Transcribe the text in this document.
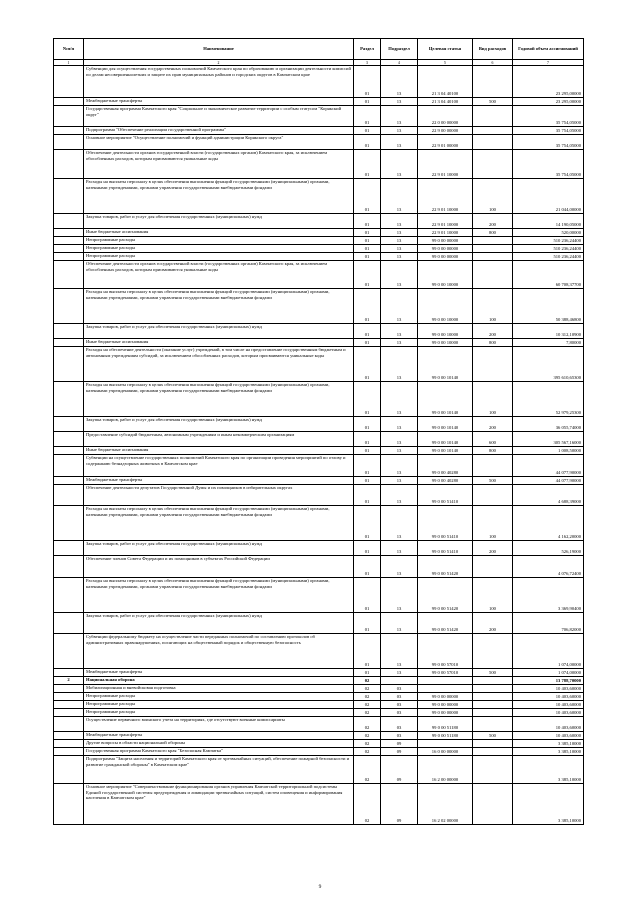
№п/п	Наименование	Раздел	Подраздел	Целевая статья	Вид расходов	Годовой объем ассигнований
1	2	3	4	5	6	7
	Субвенции для осуществления государственных полномочий Камчатского края по образованию и организации деятельности комиссий по делам несовершеннолетних и защите их прав муниципальных районов и городских округов в Камчатском крае	01	13	21 3 04 40100		23 295,00000
	Межбюджетные трансферты	01	13	21 3 04 40100	500	23 295,00000
	Государственная программа Камчатского края "Социальное и экономическое развитие территории с особым статусом "Корякский округ"	01	13	22 0 00 00000		35 754,05000
	Подпрограмма "Обеспечение реализации государственной программы"	01	13	22 9 00 00000		35 754,05000
	Основное мероприятие "Осуществление полномочий и функций администрации Корякского округа"	01	13	22 9 01 00000		35 754,05000
	Обеспечение деятельности органов государственной власти (государственных органов) Камчатского края, за исключением обособленных расходов, которым присваиваются уникальные коды	01	13	22 9 01 10000		35 754,05000
	Расходы на выплаты персоналу в целях обеспечения выполнения функций государственными (муниципальными) органами, казенными учреждениями, органами управления государственными внебюджетными фондами	01	13	22 9 01 10000	100	21 044,00000
	Закупка товаров, работ и услуг для обеспечения государственных (муниципальных) нужд	01	13	22 9 01 10000	200	14 190,05000
	Иные бюджетные ассигнования	01	13	22 9 01 10000	800	520,00000
	Непрограммные расходы	01	13	99 0 00 00000		510 236,24400
	Непрограммные расходы	01	13	99 0 00 00000		510 236,24400
	Непрограммные расходы	01	13	99 0 00 00000		510 236,24400
	Обеспечение деятельности органов государственной власти (государственных органов) Камчатского края, за исключением обособленных расходов, которым присваиваются уникальные коды	01	13	99 0 00 10000		60 708,37700
	Расходы на выплаты персоналу в целях обеспечения выполнения функций государственными (муниципальными) органами, казенными учреждениями, органами управления государственными внебюджетными фондами	01	13	99 0 00 10000	100	50 388,46800
	Закупка товаров, работ и услуг для обеспечения государственных (муниципальных) нужд	01	13	99 0 00 10000	200	10 312,10900
	Иные бюджетные ассигнования	01	13	99 0 00 10000	800	7,80000
	Расходы на обеспечение деятельности (оказание услуг) учреждений, в том числе на предоставление государственным бюджетным и автономным учреждениям субсидий, за исключением обособленных расходов, которым присваиваются уникальные коды	01	13	99 0 00 10140		395 610,65300
	Расходы на выплаты персоналу в целях обеспечения выполнения функций государственными (муниципальными) органами, казенными учреждениями, органами управления государственными внебюджетными фондами	01	13	99 0 00 10140	100	52 979,25300
	Закупка товаров, работ и услуг для обеспечения государственных (муниципальных) нужд	01	13	99 0 00 10140	200	36 055,74000
	Предоставление субсидий бюджетным, автономным учреждениям и иным некоммерческим организациям	01	13	99 0 00 10140	600	305 567,16000
	Иные бюджетные ассигнования	01	13	99 0 00 10140	800	1 008,50000
	Субвенции на осуществление государственных полномочий Камчатского края по организации проведения мероприятий по отлову и содержанию безнадзорных животных в Камчатском крае	01	13	99 0 00 40280		44 077,90000
	Межбюджетные трансферты	01	13	99 0 00 40280	500	44 077,90000
	Обеспечение деятельности депутатов Государственной Думы и их помощников в избирательных округах	01	13	99 0 00 51410		4 688,39000
	Расходы на выплаты персоналу в целях обеспечения выполнения функций государственными (муниципальными) органами, казенными учреждениями, органами управления государственными внебюджетными фондами	01	13	99 0 00 51410	100	4 162,20000
	Закупка товаров, работ и услуг для обеспечения государственных (муниципальных) нужд	01	13	99 0 00 51410	200	526,19000
	Обеспечение членов Совета Федерации и их помощников в субъектах Российской Федерации	01	13	99 0 00 51420		4 076,72400
	Расходы на выплаты персоналу в целях обеспечения выполнения функций государственными (муниципальными) органами, казенными учреждениями, органами управления государственными внебюджетными фондами	01	13	99 0 00 51420	100	3 369,90400
	Закупка товаров, работ и услуг для обеспечения государственных (муниципальных) нужд	01	13	99 0 00 51420	200	706,82000
	Субвенции федеральному бюджету на осуществление части переданных полномочий по составлению протоколов об административных правонарушениях, посягающих на общественный порядок и общественную безопасность	01	13	99 0 00 57010		1 074,00000
	Межбюджетные трансферты	01	13	99 0 00 57010	500	1 074,00000
2	Национальная оборона	02				13 788,70000
	Мобилизационная и вневойсковая подготовка	02	03			10 403,60000
	Непрограммные расходы	02	03	99 0 00 00000		10 403,60000
	Непрограммные расходы	02	03	99 0 00 00000		10 403,60000
	Непрограммные расходы	02	03	99 0 00 00000		10 403,60000
	Осуществление первичного воинского учета на территориях, где отсутствуют военные комиссариаты	02	03	99 0 00 51180		10 403,60000
	Межбюджетные трансферты	02	03	99 0 00 51180	500	10 403,60000
	Другие вопросы в области национальной обороны	02	09			3 385,10000
	Государственная программа Камчатского края "Безопасная Камчатка"	02	09	16 0 00 00000		3 385,10000
	Подпрограмма "Защита населения и территорий Камчатского края от чрезвычайных ситуаций, обеспечение пожарной безопасности и развитие гражданской обороны" в Камчатском крае"	02	09	16 2 00 00000		3 385,10000
	Основное мероприятие "Совершенствование функционирования органов управления Камчатской территориальной подсистемы Единой государственной системы предупреждения и ликвидации чрезвычайных ситуаций, систем оповещения и информирования населения в Камчатском крае"	02	09	16 2 02 00000		3 385,10000
9
